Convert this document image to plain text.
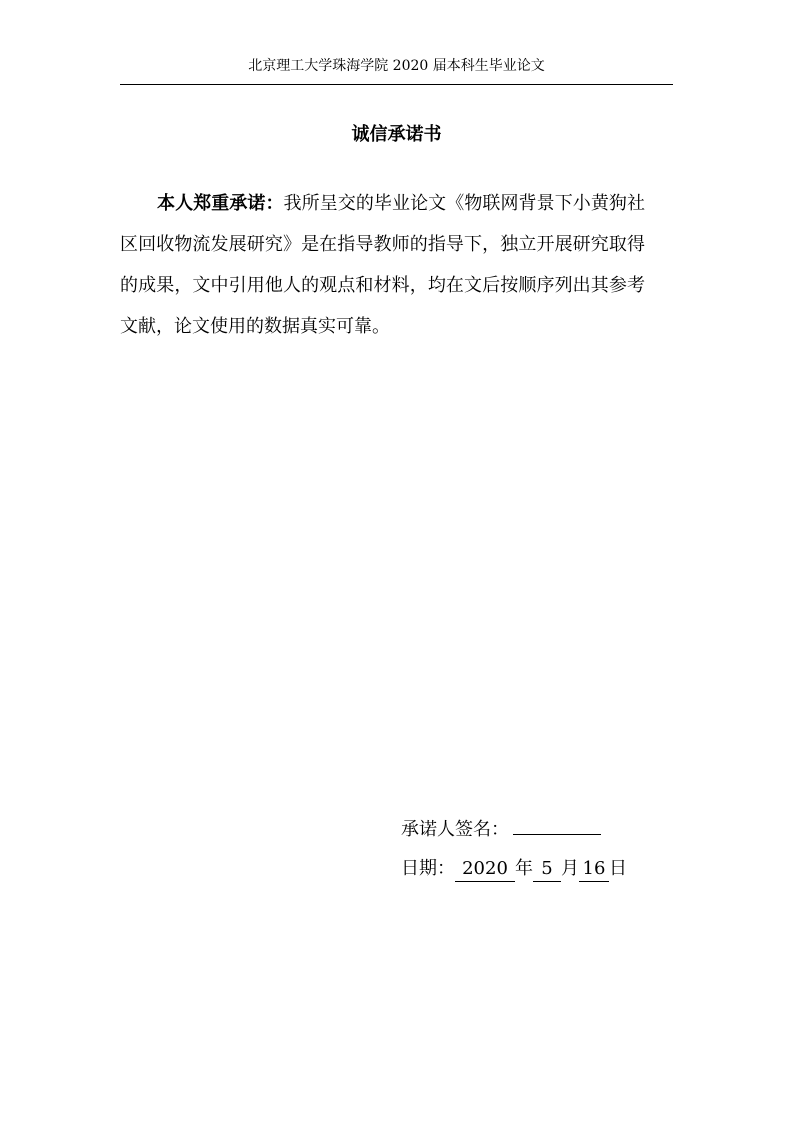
北京理工大学珠海学院 2020 届本科生毕业论文
诚信承诺书

本人郑重承诺：我所呈交的毕业论文《物联网背景下小黄狗社区回收物流发展研究》是在指导教师的指导下，独立开展研究取得的成果，文中引用他人的观点和材料，均在文后按顺序列出其参考文献，论文使用的数据真实可靠。

承诺人签名：
日期： 2020 年 5 月 16 日
